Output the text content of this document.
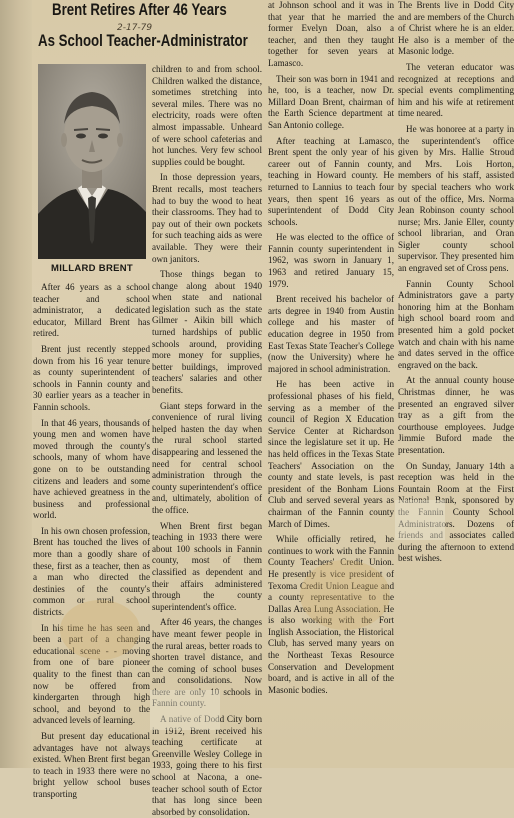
Brent Retires After 46 Years
As School Teacher-Administrator
2-17-79
MILLARD BRENT

After 46 years as a school teacher and school administrator, a dedicated educator, Millard Brent has retired.

Brent just recently stepped down from his 16 year tenure as county superintendent of schools in Fannin county and 30 earlier years as a teacher in Fannin schools.

In that 46 years, thousands of young men and women have moved through the county's schools, many of whom have gone on to be outstanding citizens and leaders and some have achieved greatness in the business and professional world.

In his own chosen profession, Brent has touched the lives of more than a goodly share of these, first as a teacher, then as a man who directed the destinies of the county's common or rural school districts.

In his time he has seen and been a part of a changing educational scene - - moving from one of bare pioneer quality to the finest than can now be offered from kindergarten through high school, and beyond to the advanced levels of learning.

But present day educational advantages have not always existed. When Brent first began to teach in 1933 there were no bright yellow school buses transporting

children to and from school. Children walked the distance, sometimes stretching into several miles. There was no electricity, roads were often almost impassable. Unheard of were school cafeterias and hot lunches. Very few school supplies could be bought.

In those depression years, Brent recalls, most teachers had to buy the wood to heat their classrooms. They had to pay out of their own pockets for such teaching aids as were available. They were their own janitors.

Those things began to change along about 1940 when state and national legislation such as the state Gilmer - Aikin bill which turned hardships of public schools around, providing more money for supplies, better buildings, improved teachers' salaries and other benefits.

Giant steps forward in the convenience of rural living helped hasten the day when the rural school started disappearing and lessened the need for central school administration through the county superintendent's office and, ultimately, abolition of the office.

When Brent first began teaching in 1933 there were about 100 schools in Fannin county, most of them classified as dependent and their affairs administered through the county superintendent's office.

After 46 years, the changes have meant fewer people in the rural areas, better roads to shorten travel distance, and the coming of school buses and consolidations. Now there are only 10 schools in Fannin county.

A native of Dodd City born in 1912, Brent received his teaching certificate at Greenville Wesley College in 1933, going there to his first school at Nacona, a one-teacher school south of Ector that has long since been absorbed by consolidation.

at Johnson school and it was in that year that he married the former Evelyn Doan, also a teacher, and then they taught together for seven years at Lamasco.

Their son was born in 1941 and he, too, is a teacher, now Dr. Millard Doan Brent, chairman of the Earth Science department at San Antonio college.

After teaching at Lamasco, Brent spent the only year of his career out of Fannin county, teaching in Howard county. He returned to Lannius to teach four years, then spent 16 years as superintendent of Dodd City schools.

He was elected to the office of Fannin county superintendent in 1962, was sworn in January 1, 1963 and retired January 15, 1979.

Brent received his bachelor of arts degree in 1940 from Austin college and his master of education degree in 1950 from East Texas State Teacher's College (now the University) where he majored in school administration.

He has been active in professional phases of his field, serving as a member of the council of Region X Education Service Center at Richardson since the legislature set it up. He has held offices in the Texas State Teachers' Association on the county and state levels, is past president of the Bonham Lions Club and served several years as chairman of the Fannin county March of Dimes.

While officially retired, he continues to work with the Fannin County Teachers' Credit Union. He presently is vice president of Texoma Credit Union League and a county representative to the Dallas Area Lung Association. He is also working with the Fort Inglish Association, the Historical Club, has served many years on the Northeast Texas Resource Conservation and Development board, and is active in all of the Masonic bodies.

The Brents live in Dodd City and are members of the Church of Christ where he is an elder. He also is a member of the Masonic lodge.

The veteran educator was recognized at receptions and special events complimenting him and his wife at retirement time neared.

He was honoree at a party in the superintendent's office given by Mrs. Hallie Stroud and Mrs. Lois Horton, members of his staff, assisted by special teachers who work out of the office, Mrs. Norma Jean Robinson county school nurse; Mrs. Janie Eller, county school librarian, and Oran Sigler county school supervisor. They presented him an engraved set of Cross pens.

Fannin County School Administrators gave a party honoring him at the Bonham high school board room and presented him a gold pocket watch and chain with his name and dates served in the office engraved on the back.

At the annual county house Christmas dinner, he was presented an engraved silver tray as a gift from the courthouse employees. Judge Jimmie Buford made the presentation.

On Sunday, January 14th a reception was held in the Fountain Room at the First National Bank, sponsored by the Fannin County School Administrators. Dozens of friends and associates called during the afternoon to extend best wishes.
